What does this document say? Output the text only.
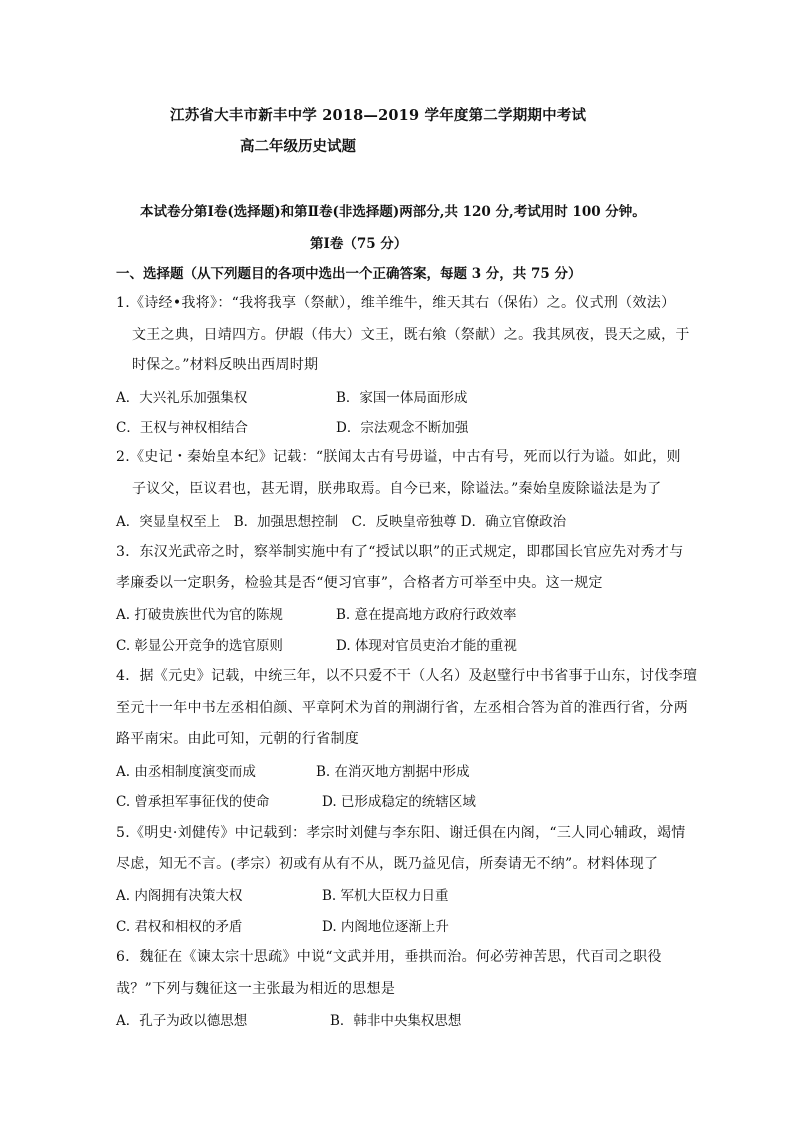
江苏省大丰市新丰中学 2018—2019 学年度第二学期期中考试
高二年级历史试题
本试卷分第Ⅰ卷(选择题)和第Ⅱ卷(非选择题)两部分,共 120 分,考试用时 100 分钟。
第Ⅰ卷（75 分）
一、选择题（从下列题目的各项中选出一个正确答案，每题 3 分，共 75 分）
1.《诗经•我将》：“我将我享（祭献），维羊维牛，维天其右（保佑）之。仪式刑（效法）
文王之典，日靖四方。伊嘏（伟大）文王，既右飨（祭献）之。我其夙夜，畏天之威，于
时保之。”材料反映出西周时期
A．大兴礼乐加强集权	B．家国一体局面形成
C．王权与神权相结合	D．宗法观念不断加强
2.《史记・秦始皇本纪》记载：“朕闻太古有号毋谥，中古有号，死而以行为谥。如此，则
子议父，臣议君也，甚无谓，朕弗取焉。自今已来，除谥法。”秦始皇废除谥法是为了
A．突显皇权至上　B．加强思想控制　C．反映皇帝独尊 D．确立官僚政治
3．东汉光武帝之时，察举制实施中有了“授试以职”的正式规定，即郡国长官应先对秀才与
孝廉委以一定职务，检验其是否“便习官事”，合格者方可举至中央。这一规定
A. 打破贵族世代为官的陈规	B. 意在提高地方政府行政效率
C. 彰显公开竞争的选官原则	D. 体现对官员吏治才能的重视
4．据《元史》记载，中统三年，以不只爱不干（人名）及赵璧行中书省事于山东，讨伐李璮
至元十一年中书左丞相伯颜、平章阿术为首的荆湖行省，左丞相合答为首的淮西行省，分两
路平南宋。由此可知，元朝的行省制度
A. 由丞相制度演变而成	B. 在消灭地方割据中形成
C. 曾承担军事征伐的使命	D. 已形成稳定的统辖区域
5.《明史·刘健传》中记载到：孝宗时刘健与李东阳、谢迁俱在内阁，“三人同心辅政，竭情
尽虑，知无不言。(孝宗）初或有从有不从，既乃益见信，所奏请无不纳”。材料体现了
A. 内阁拥有决策大权	B. 军机大臣权力日重
C. 君权和相权的矛盾	D. 内阁地位逐渐上升
6．魏征在《谏太宗十思疏》中说“文武并用，垂拱而治。何必劳神苦思，代百司之职役
哉？”下列与魏征这一主张最为相近的思想是
A．孔子为政以德思想	B．韩非中央集权思想
